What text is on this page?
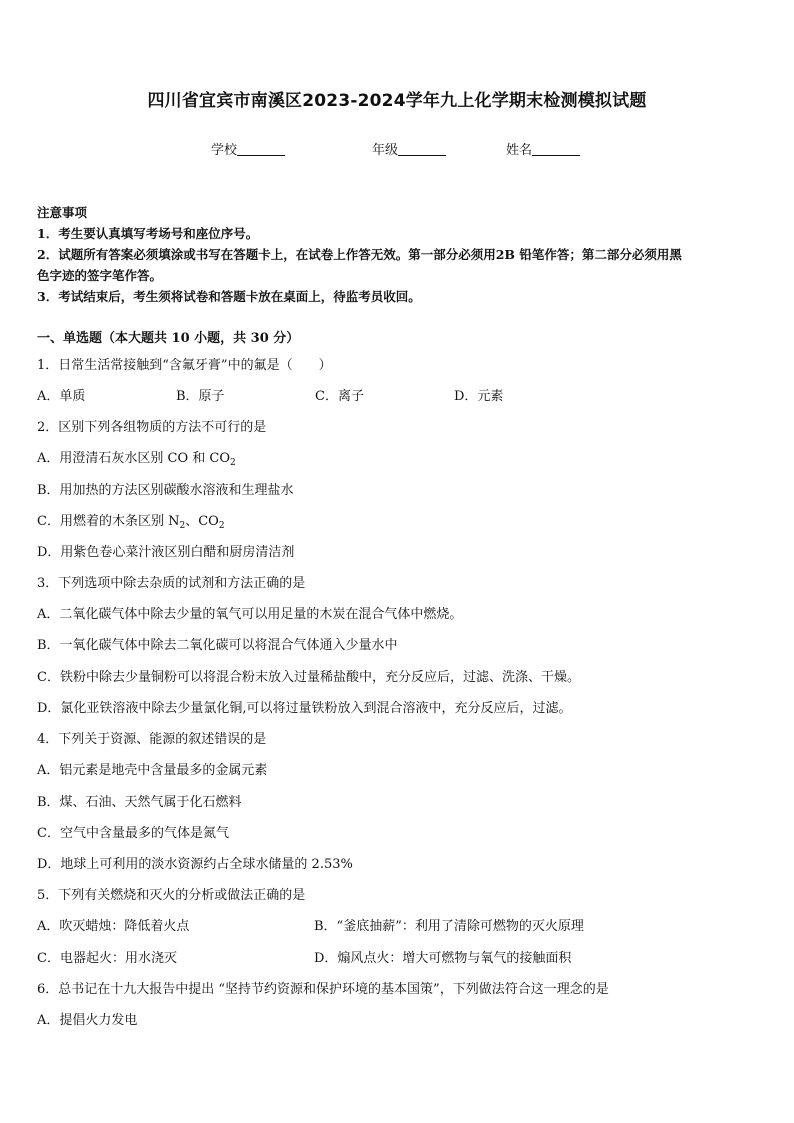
四川省宜宾市南溪区2023-2024学年九上化学期末检测模拟试题
学校	年级	姓名
注意事项
1．考生要认真填写考场号和座位序号。
2．试题所有答案必须填涂或书写在答题卡上，在试卷上作答无效。第一部分必须用2B 铅笔作答；第二部分必须用黑
色字迹的签字笔作答。
3．考试结束后，考生须将试卷和答题卡放在桌面上，待监考员收回。
一、单选题（本大题共 10 小题，共 30 分）
1．日常生活常接触到“含氟牙膏”中的氟是（　　）
A．单质	B．原子	C．离子	D．元素
2．区别下列各组物质的方法不可行的是
A．用澄清石灰水区别 CO 和 $CO_2$
B．用加热的方法区别碳酸水溶液和生理盐水
C．用燃着的木条区别 $N_2$、$CO_2$
D．用紫色卷心菜汁液区别白醋和厨房清洁剂
3．下列选项中除去杂质的试剂和方法正确的是
A．二氧化碳气体中除去少量的氧气可以用足量的木炭在混合气体中燃烧。
B．一氧化碳气体中除去二氧化碳可以将混合气体通入少量水中
C．铁粉中除去少量铜粉可以将混合粉末放入过量稀盐酸中，充分反应后，过滤、洗涤、干燥。
D．氯化亚铁溶液中除去少量氯化铜,可以将过量铁粉放入到混合溶液中，充分反应后，过滤。
4．下列关于资源、能源的叙述错误的是
A．铝元素是地壳中含量最多的金属元素
B．煤、石油、天然气属于化石燃料
C．空气中含量最多的气体是氮气
D．地球上可利用的淡水资源约占全球水储量的 2.53%
5．下列有关燃烧和灭火的分析或做法正确的是
A．吹灭蜡烛：降低着火点	B．“釜底抽薪”：利用了清除可燃物的灭火原理
C．电器起火：用水浇灭	D．煽风点火：增大可燃物与氧气的接触面积
6．总书记在十九大报告中提出 “坚持节约资源和保护环境的基本国策”，下列做法符合这一理念的是
A．提倡火力发电
